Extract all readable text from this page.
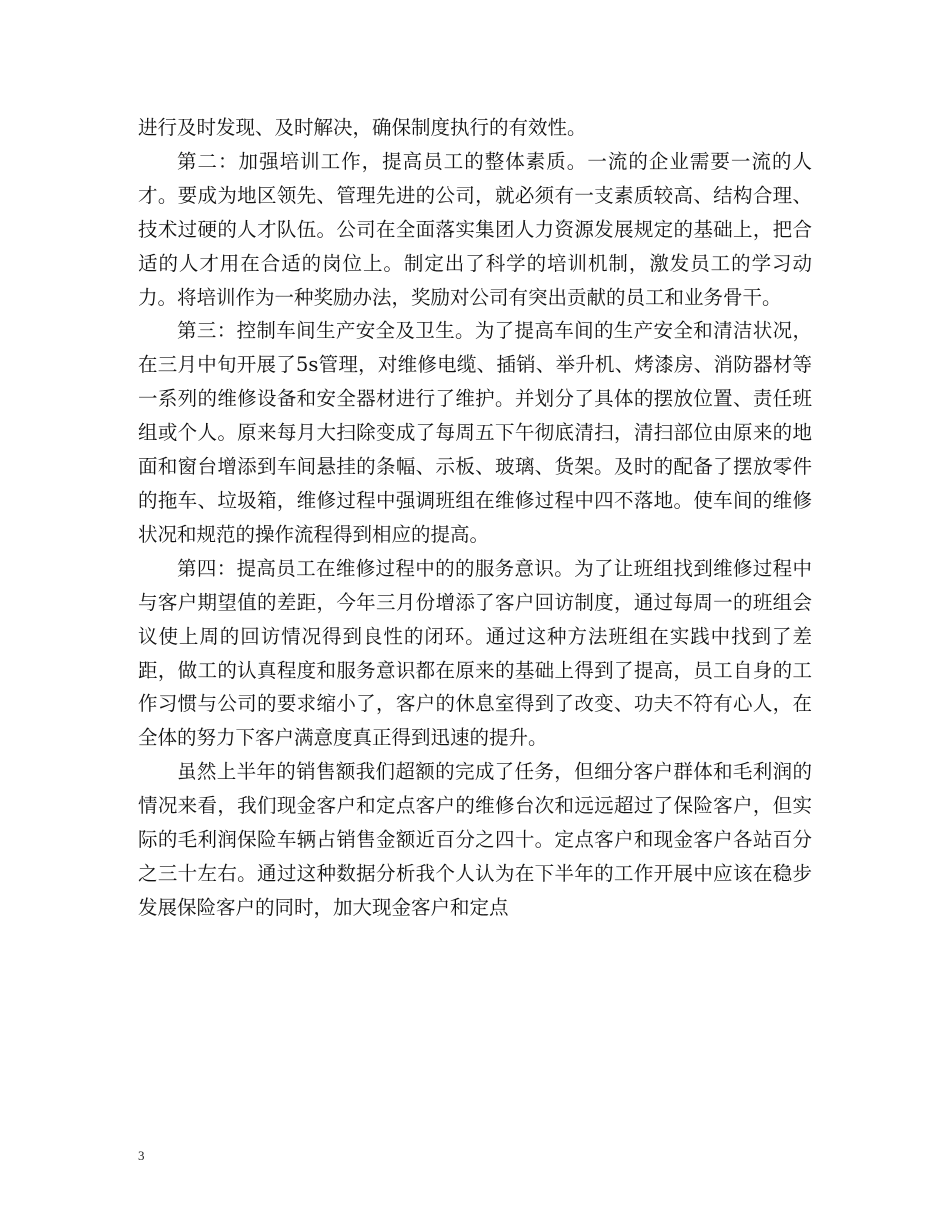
进行及时发现、及时解决，确保制度执行的有效性。

第二：加强培训工作，提高员工的整体素质。一流的企业需要一流的人才。要成为地区领先、管理先进的公司，就必须有一支素质较高、结构合理、技术过硬的人才队伍。公司在全面落实集团人力资源发展规定的基础上，把合适的人才用在合适的岗位上。制定出了科学的培训机制，激发员工的学习动力。将培训作为一种奖励办法，奖励对公司有突出贡献的员工和业务骨干。

第三：控制车间生产安全及卫生。为了提高车间的生产安全和清洁状况，在三月中旬开展了5s管理，对维修电缆、插销、举升机、烤漆房、消防器材等一系列的维修设备和安全器材进行了维护。并划分了具体的摆放位置、责任班组或个人。原来每月大扫除变成了每周五下午彻底清扫，清扫部位由原来的地面和窗台增添到车间悬挂的条幅、示板、玻璃、货架。及时的配备了摆放零件的拖车、垃圾箱，维修过程中强调班组在维修过程中四不落地。使车间的维修状况和规范的操作流程得到相应的提高。

第四：提高员工在维修过程中的的服务意识。为了让班组找到维修过程中与客户期望值的差距，今年三月份增添了客户回访制度，通过每周一的班组会议使上周的回访情况得到良性的闭环。通过这种方法班组在实践中找到了差距，做工的认真程度和服务意识都在原来的基础上得到了提高，员工自身的工作习惯与公司的要求缩小了，客户的休息室得到了改变、功夫不符有心人，在全体的努力下客户满意度真正得到迅速的提升。

虽然上半年的销售额我们超额的完成了任务，但细分客户群体和毛利润的情况来看，我们现金客户和定点客户的维修台次和远远超过了保险客户，但实际的毛利润保险车辆占销售金额近百分之四十。定点客户和现金客户各站百分之三十左右。通过这种数据分析我个人认为在下半年的工作开展中应该在稳步发展保险客户的同时，加大现金客户和定点

3
